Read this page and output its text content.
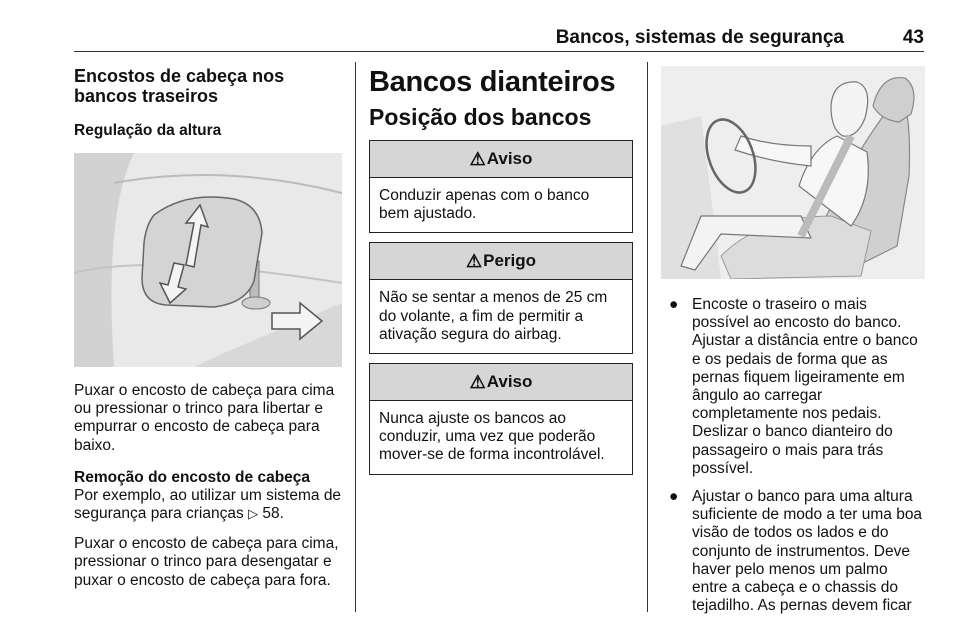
Bancos, sistemas de segurança	43
Encostos de cabeça nos bancos traseiros
Regulação da altura

Puxar o encosto de cabeça para cima ou pressionar o trinco para libertar e empurrar o encosto de cabeça para baixo.

Remoção do encosto de cabeça

Por exemplo, ao utilizar um sistema de segurança para crianças ▷ 58.

Puxar o encosto de cabeça para cima, pressionar o trinco para desengatar e puxar o encosto de cabeça para fora.

Bancos dianteiros
Posição dos bancos
⚠ Aviso
Conduzir apenas com o banco bem ajustado.
⚠ Perigo
Não se sentar a menos de 25 cm do volante, a fim de permitir a ativação segura do airbag.
⚠ Aviso
Nunca ajuste os bancos ao conduzir, uma vez que poderão mover-se de forma incontrolável.
● Encoste o traseiro o mais possível ao encosto do banco. Ajustar a distância entre o banco e os pedais de forma que as pernas fiquem ligeiramente em ângulo ao carregar completamente nos pedais. Deslizar o banco dianteiro do passageiro o mais para trás possível.
● Ajustar o banco para uma altura suficiente de modo a ter uma boa visão de todos os lados e do conjunto de instrumentos. Deve haver pelo menos um palmo entre a cabeça e o chassis do tejadilho. As pernas devem ficar
